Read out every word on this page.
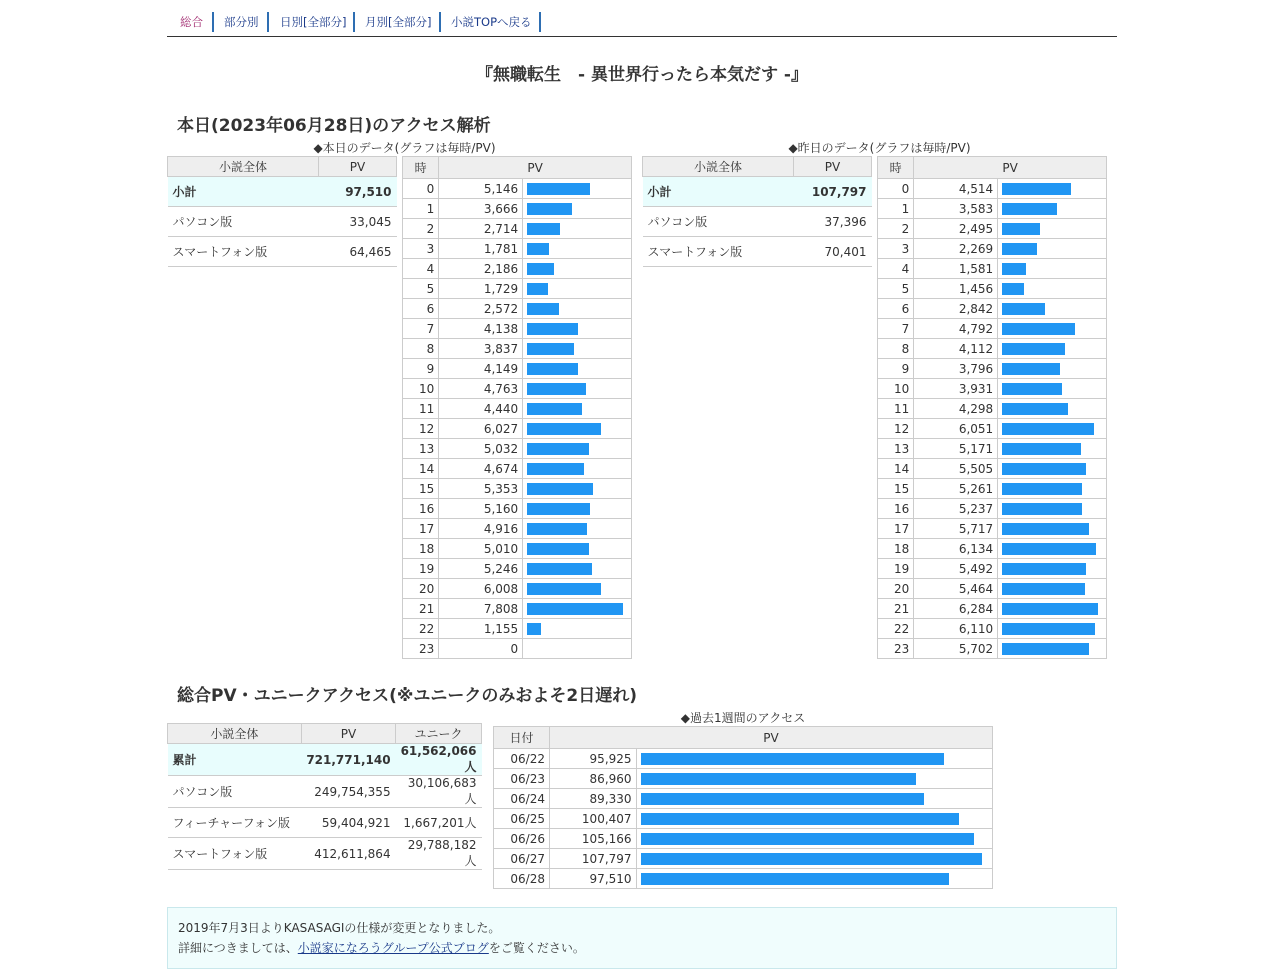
総合 部分別 日別[全部分] 月別[全部分] 小説TOPへ戻る
『無職転生　- 異世界行ったら本気だす -』
本日(2023年06月28日)のアクセス解析
◆本日のデータ(グラフは毎時/PV)	◆昨日のデータ(グラフは毎時/PV)
小説全体	PV
小計	97,510
パソコン版	33,045
スマートフォン版	64,465
時	PV	
0	5,146	

1	3,666	

2	2,714	

3	1,781	

4	2,186	

5	1,729	

6	2,572	

7	4,138	

8	3,837	

9	4,149	

10	4,763	

11	4,440	

12	6,027	

13	5,032	

14	4,674	

15	5,353	

16	5,160	

17	4,916	

18	5,010	

19	5,246	

20	6,008	

21	7,808	

22	1,155	

23	0	
小説全体	PV
小計	107,797
パソコン版	37,396
スマートフォン版	70,401
時	PV	
0	4,514	

1	3,583	

2	2,495	

3	2,269	

4	1,581	

5	1,456	

6	2,842	

7	4,792	

8	4,112	

9	3,796	

10	3,931	

11	4,298	

12	6,051	

13	5,171	

14	5,505	

15	5,261	

16	5,237	

17	5,717	

18	6,134	

19	5,492	

20	5,464	

21	6,284	

22	6,110	

23	5,702	
総合PV・ユニークアクセス(※ユニークのみおよそ2日遅れ)
小説全体	PV	ユニーク
累計	721,771,140	61,562,066人
パソコン版	249,754,355	30,106,683人
フィーチャーフォン版	59,404,921	1,667,201人
スマートフォン版	412,611,864	29,788,182人
◆過去1週間のアクセス
日付	PV	
06/22	95,925	

06/23	86,960	

06/24	89,330	

06/25	100,407	

06/26	105,166	

06/27	107,797	

06/28	97,510	

2019年7月3日よりKASASAGIの仕様が変更となりました。

詳細につきましては、小説家になろうグループ公式ブログをご覧ください。
